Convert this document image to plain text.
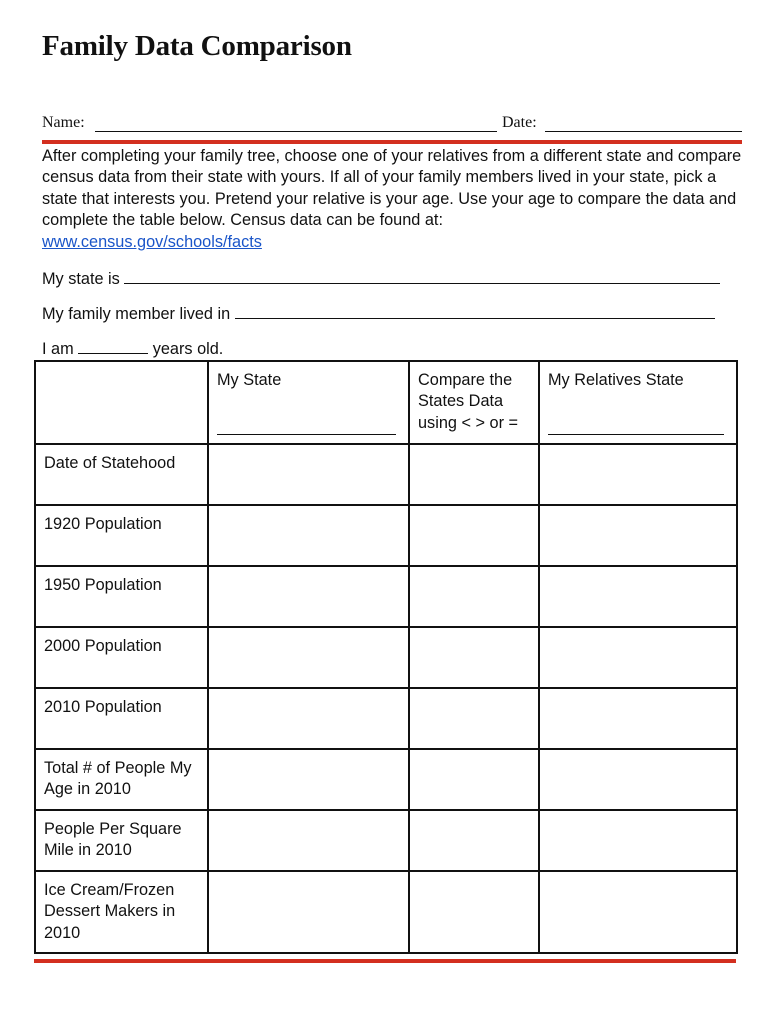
Family Data Comparison
Name:	Date:

After completing your family tree, choose one of your relatives from a different state and compare census data from their state with yours. If all of your family members lived in your state, pick a state that interests you. Pretend your relative is your age. Use your age to compare the data and complete the table below. Census data can be found at:
www.census.gov/schools/facts

My state is
My family member lived in
I am	years old.
	My State	Compare the States Data using < > or =	My Relatives State

Date of Statehood			
1920 Population			
1950 Population			
2000 Population			
2010 Population			
Total # of People My Age in 2010			
People Per Square Mile in 2010			
Ice Cream/Frozen Dessert Makers in 2010			
